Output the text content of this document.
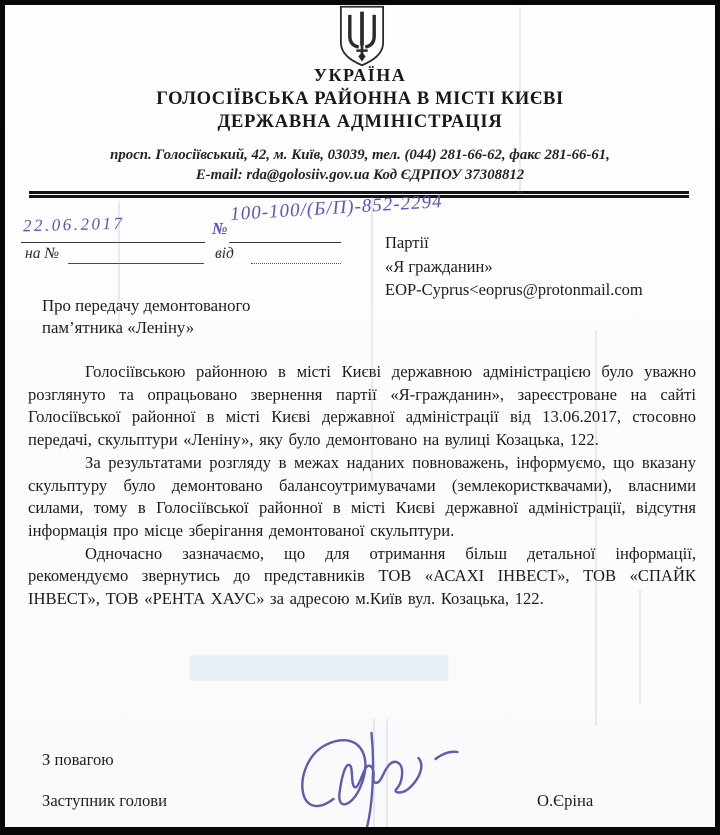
УКРАЇНА
ГОЛОСІЇВСЬКА РАЙОННА В МІСТІ КИЄВІ
ДЕРЖАВНА АДМІНІСТРАЦІЯ
просп. Голосіївський, 42, м. Київ, 03039, тел. (044) 281-66-62, факс 281-66-61,
E-mail: rda@golosiiv.gov.ua Код ЄДРПОУ 37308812
22.06.2017	№
100-100/(Б/П)-852-2294
на №	від
Партії
«Я гражданин»
EOP-Cyprus<eoprus@protonmail.com
Про передачу демонтованого
пам’ятника «Леніну»

Голосіївською районною в місті Києві державною адміністрацією було уважно розглянуто та опрацьовано звернення партії «Я-гражданин», зареєстроване на сайті Голосіївської районної в місті Києві державної адміністрації від 13.06.2017, стосовно передачі, скульптури «Леніну», яку було демонтовано на вулиці Козацька, 122.

За результатами розгляду в межах наданих повноважень, інформуємо, що вказану скульптуру було демонтовано балансоутримувачами (землекористквачами), власними силами, тому в Голосіївської районної в місті Києві державної адміністрації, відсутня інформація про місце зберігання демонтованої скульптури.

Одночасно зазначаємо, що для отримання більш детальної інформації, рекомендуємо звернутись до представників ТОВ «АСАХІ ІНВЕСТ», ТОВ «СПАЙК ІНВЕСТ», ТОВ «РЕНТА ХАУС» за адресою м.Київ вул. Козацька, 122.

З повагою
Заступник голови	О.Єріна
